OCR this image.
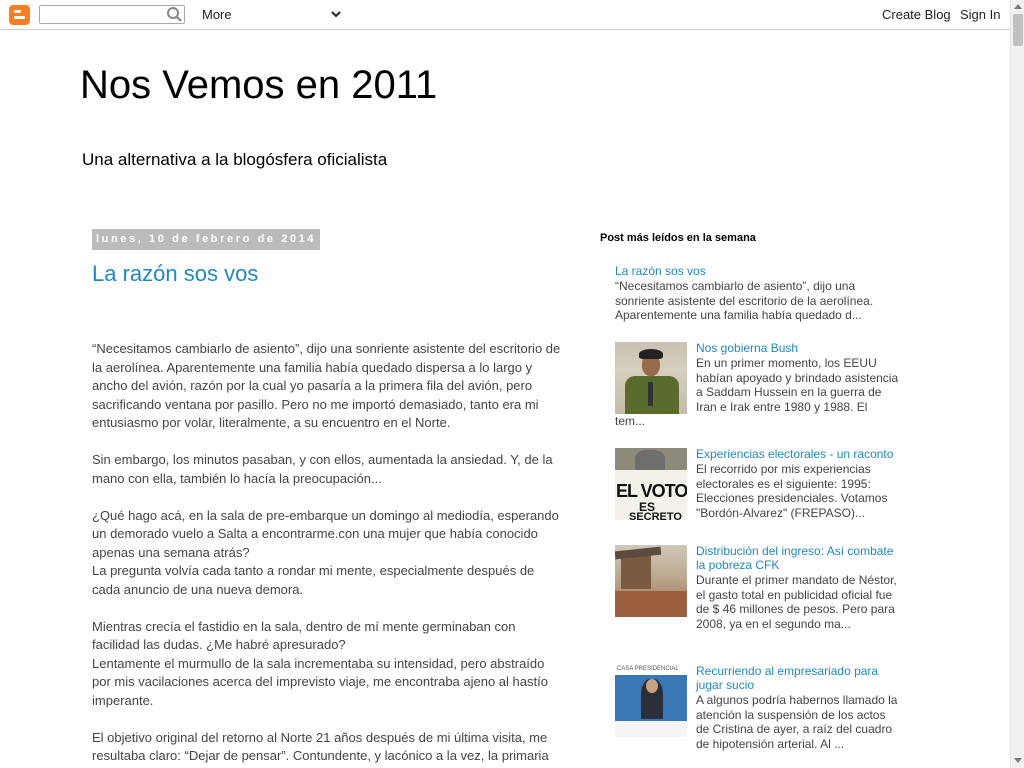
More	Create Blog Sign In
Nos Vemos en 2011
Una alternativa a la blogósfera oficialista
lunes, 10 de febrero de 2014
La razón sos vos

“Necesitamos cambiarlo de asiento”, dijo una sonriente asistente del escritorio de la aerolínea. Aparentemente una familia había quedado dispersa a lo largo y ancho del avión, razón por la cual yo pasaría a la primera fila del avión, pero sacrificando ventana por pasillo. Pero no me importó demasiado, tanto era mi entusiasmo por volar, literalmente, a su encuentro en el Norte.

Sin embargo, los minutos pasaban, y con ellos, aumentada la ansiedad. Y, de la mano con ella, también lo hacía la preocupación...

¿Qué hago acá, en la sala de pre-embarque un domingo al mediodía, esperando un demorado vuelo a Salta a encontrarme.con una mujer que había conocido apenas una semana atrás?

La pregunta volvía cada tanto a rondar mi mente, especialmente después de cada anuncio de una nueva demora.

Mientras crecía el fastidio en la sala, dentro de mí mente germinaban con facilidad las dudas. ¿Me habré apresurado?

Lentamente el murmullo de la sala incrementaba su intensidad, pero abstraído por mis vacilaciones acerca del imprevisto viaje, me encontraba ajeno al hastío imperante.

El objetivo original del retorno al Norte 21 años después de mi última visita, me resultaba claro: “Dejar de pensar”. Contundente, y lacónico a la vez, la primaria

Post más leídos en la semana
La razón sos vos
“Necesitamos cambiarlo de asiento”, dijo una sonriente asistente del escritorio de la aerolínea. Aparentemente una familia había quedado d...
Nos gobierna Bush
En un primer momento, los EEUU habían apoyado y brindado asistencia a Saddam Hussein en la guerra de Iran e Irak entre 1980 y 1988. El tem...
EL VOTO
ES
SECRETO
Experiencias electorales - un raconto
El recorrido por mis experiencias electorales es el siguiente: 1995: Elecciones presidenciales. Votamos "Bordón-Alvarez" (FREPASO)...
Distribución del ingreso: Así combate la pobreza CFK
Durante el primer mandato de Néstor, el gasto total en publicidad oficial fue de $ 46 millones de pesos. Pero para 2008, ya en el segundo ma...
CASA PRESIDENCIAL	Recurriendo al empresariado para jugar sucio
A algunos podría habernos llamado la atención la suspensión de los actos de Cristina de ayer, a raíz del cuadro de hipotensión arterial. Al ...
